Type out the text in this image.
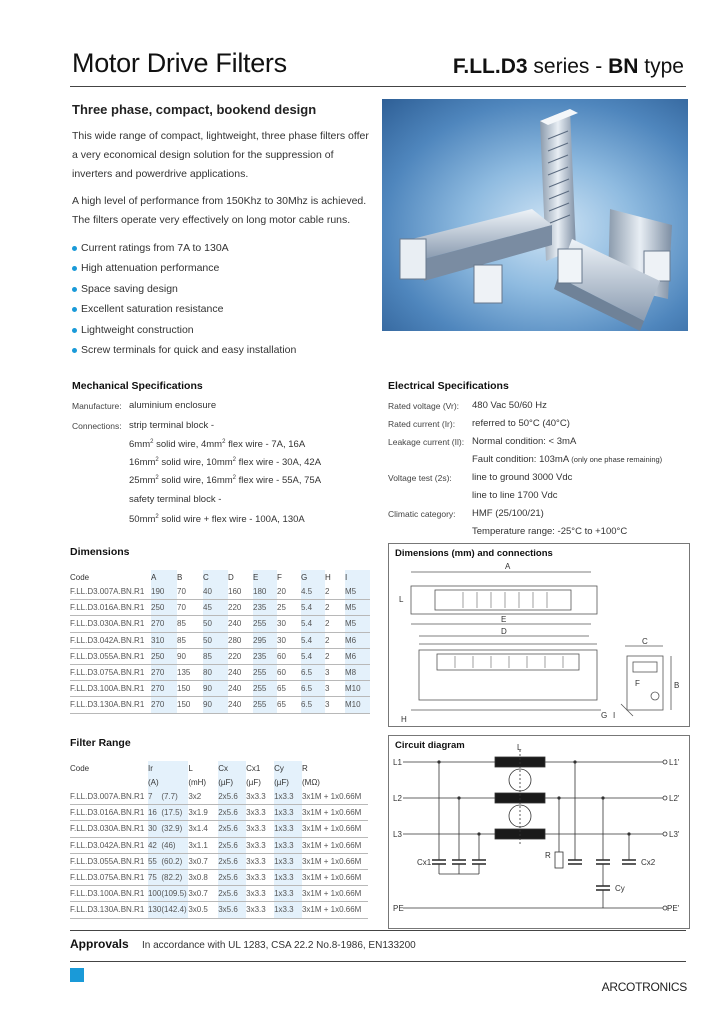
Motor Drive Filters	F.LL.D3 series - BN type
Three phase, compact, bookend design
This wide range of compact, lightweight, three phase filters offer a very economical design solution for the suppression of inverters and powerdrive applications.
A high level of performance from 150Khz to 30Mhz is achieved. The filters operate very effectively on long motor cable runs.
Current ratings from 7A to 130A
High attenuation performance
Space saving design
Excellent saturation resistance
Lightweight construction
Screw terminals for quick and easy installation
Mechanical Specifications
Manufacture: aluminium enclosure
Connections: strip terminal block -
$6mm^2$ solid wire, $4mm^2$ flex wire - 7A, 16A
$16mm^2$ solid wire, $10mm^2$ flex wire - 30A, 42A
$25mm^2$ solid wire, $16mm^2$ flex wire - 55A, 75A
safety terminal block -
$50mm^2$ solid wire + flex wire - 100A, 130A
Electrical Specifications
Rated voltage (Vr): 480 Vac 50/60 Hz
Rated current (Ir): referred to 50°C (40°C)
Leakage current (Il): Normal condition: < 3mA
Fault condition: 103mA (only one phase remaining)
Voltage test (2s): line to ground 3000 Vdc
line to line 1700 Vdc
Climatic category: HMF (25/100/21)
Temperature range: -25°C to +100°C
Dimensions
Code	A	B	C	D	E	F	G	H	I
F.LL.D3.007A.BN.R1	190	70	40	160	180	20	4.5	2	M5
F.LL.D3.016A.BN.R1	250	70	45	220	235	25	5.4	2	M5
F.LL.D3.030A.BN.R1	270	85	50	240	255	30	5.4	2	M5
F.LL.D3.042A.BN.R1	310	85	50	280	295	30	5.4	2	M6
F.LL.D3.055A.BN.R1	250	90	85	220	235	60	5.4	2	M6
F.LL.D3.075A.BN.R1	270	135	80	240	255	60	6.5	3	M8
F.LL.D3.100A.BN.R1	270	150	90	240	255	65	6.5	3	M10
F.LL.D3.130A.BN.R1	270	150	90	240	255	65	6.5	3	M10
Dimensions (mm) and connections
A
E
D
C
B
F
L
I
H	G
Filter Range
Code	Ir		L	Cx	Cx1	Cy	R
	(A)		(mH)	(µF)	(µF)	(µF)	(MΩ)
F.LL.D3.007A.BN.R1	7	(7.7)	3x2	2x5.6	3x3.3	1x3.3	3x1M + 1x0.66M
F.LL.D3.016A.BN.R1	16	(17.5)	3x1.9	2x5.6	3x3.3	1x3.3	3x1M + 1x0.66M
F.LL.D3.030A.BN.R1	30	(32.9)	3x1.4	2x5.6	3x3.3	1x3.3	3x1M + 1x0.66M
F.LL.D3.042A.BN.R1	42	(46)	3x1.1	2x5.6	3x3.3	1x3.3	3x1M + 1x0.66M
F.LL.D3.055A.BN.R1	55	(60.2)	3x0.7	2x5.6	3x3.3	1x3.3	3x1M + 1x0.66M
F.LL.D3.075A.BN.R1	75	(82.2)	3x0.8	2x5.6	3x3.3	1x3.3	3x1M + 1x0.66M
F.LL.D3.100A.BN.R1	100	(109.5)	3x0.7	2x5.6	3x3.3	1x3.3	3x1M + 1x0.66M
F.LL.D3.130A.BN.R1	130	(142.4)	3x0.5	3x5.6	3x3.3	1x3.3	3x1M + 1x0.66M
Circuit diagram	L
L1	L1'
L2	L2'
L3	L3'
PE	PE'
Cx1	Cx2
R
Cy
Approvals In accordance with UL 1283, CSA 22.2 No.8-1986, EN133200
ARCOTRONICS
